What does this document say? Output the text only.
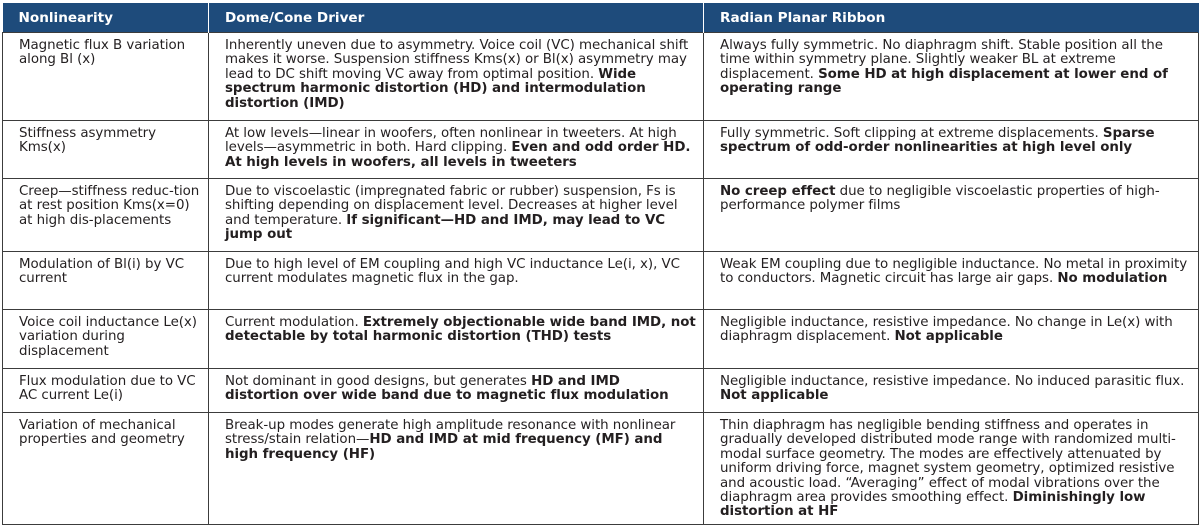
Nonlinearity	Dome/Cone Driver	Radian Planar Ribbon
Magnetic flux B variation along Bl (x)	Inherently uneven due to asymmetry. Voice coil (VC) mechanical shift makes it worse. Suspension stiffness Kms(x) or Bl(x) asymmetry may lead to DC shift moving VC away from optimal position. Wide spectrum harmonic distortion (HD) and intermodulation distortion (IMD)	Always fully symmetric. No diaphragm shift. Stable position all the time within symmetry plane. Slightly weaker BL at extreme displacement. Some HD at high displacement at lower end of operating range
Stiffness asymmetry Kms(x)	At low levels—linear in woofers, often nonlinear in tweeters. At high levels—asymmetric in both. Hard clipping. Even and odd order HD. At high levels in woofers, all levels in tweeters	Fully symmetric. Soft clipping at extreme displacements. Sparse spectrum of odd-order nonlinearities at high level only
Creep—stiffness reduc-tion at rest position Kms(x=0) at high dis-placements	Due to viscoelastic (impregnated fabric or rubber) suspension, Fs is shifting depending on displacement level. Decreases at higher level and temperature. If significant—HD and IMD, may lead to VC jump out	No creep effect due to negligible viscoelastic properties of high-performance polymer films
Modulation of Bl(i) by VC current	Due to high level of EM coupling and high VC inductance Le(i, x), VC current modulates magnetic flux in the gap.	Weak EM coupling due to negligible inductance. No metal in proximity to conductors. Magnetic circuit has large air gaps. No modulation
Voice coil inductance Le(x) variation during displacement	Current modulation. Extremely objectionable wide band IMD, not detectable by total harmonic distortion (THD) tests	Negligible inductance, resistive impedance. No change in Le(x) with diaphragm displacement. Not applicable
Flux modulation due to VC AC current Le(i)	Not dominant in good designs, but generates HD and IMD distortion over wide band due to magnetic flux modulation	Negligible inductance, resistive impedance. No induced parasitic flux. Not applicable
Variation of mechanical properties and geometry	Break-up modes generate high amplitude resonance with nonlinear stress/stain relation—HD and IMD at mid frequency (MF) and high frequency (HF)	Thin diaphragm has negligible bending stiffness and operates in gradually developed distributed mode range with randomized multi-modal surface geometry. The modes are effectively attenuated by uniform driving force, magnet system geometry, optimized resistive and acoustic load. “Averaging” effect of modal vibrations over the diaphragm area provides smoothing effect. Diminishingly low distortion at HF
